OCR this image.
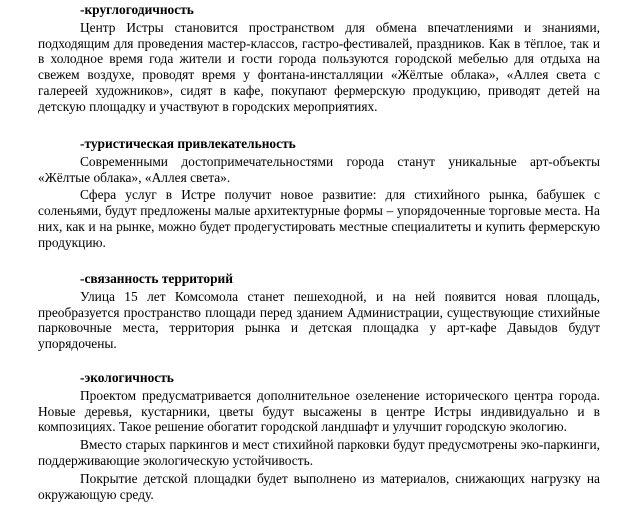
-круглогодичность

Центр Истры становится пространством для обмена впечатлениями и знаниями, подходящим для проведения мастер-классов, гастро-фестивалей, праздников. Как в тёплое, так и в холодное время года жители и гости города пользуются городской мебелью для отдыха на свежем воздухе, проводят время у фонтана-инсталляции «Жёлтые облака», «Аллея света с галереей художников», сидят в кафе, покупают фермерскую продукцию, приводят детей на детскую площадку и участвуют в городских мероприятиях.

-туристическая привлекательность

Современными достопримечательностями города станут уникальные арт-объекты «Жёлтые облака», «Аллея света».

Сфера услуг в Истре получит новое развитие: для стихийного рынка, бабушек с соленьями, будут предложены малые архитектурные формы – упорядоченные торговые места. На них, как и на рынке, можно будет продегустировать местные специалитеты и купить фермерскую продукцию.

-связанность территорий

Улица 15 лет Комсомола станет пешеходной, и на ней появится новая площадь, преобразуется пространство площади перед зданием Администрации, существующие стихийные парковочные места, территория рынка и детская площадка у арт-кафе Давыдов будут упорядочены.

-экологичность

Проектом предусматривается дополнительное озеленение исторического центра города. Новые деревья, кустарники, цветы будут высажены в центре Истры индивидуально и в композициях. Такое решение обогатит городской ландшафт и улучшит городскую экологию.

Вместо старых паркингов и мест стихийной парковки будут предусмотрены эко-паркинги, поддерживающие экологическую устойчивость.

Покрытие детской площадки будет выполнено из материалов, снижающих нагрузку на окружающую среду.
